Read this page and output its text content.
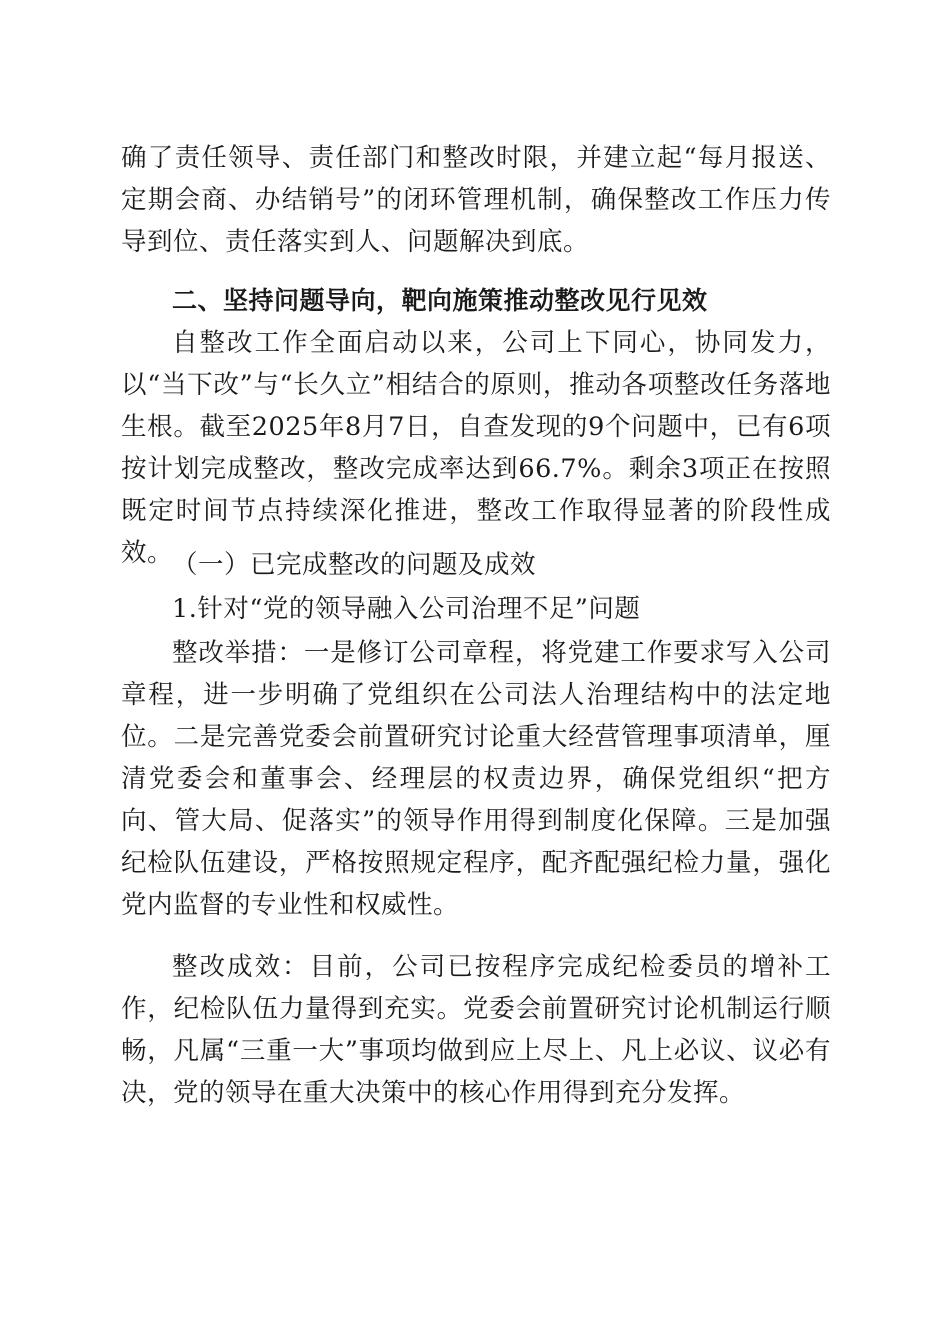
确了责任领导、责任部门和整改时限，并建立起“每月报送、定期会商、办结销号”的闭环管理机制，确保整改工作压力传导到位、责任落实到人、问题解决到底。

二、坚持问题导向，靶向施策推动整改见行见效

自整改工作全面启动以来，公司上下同心，协同发力，以“当下改”与“长久立”相结合的原则，推动各项整改任务落地生根。截至2025年8月7日，自查发现的9个问题中，已有6项按计划完成整改，整改完成率达到66.7%。剩余3项正在按照既定时间节点持续深化推进，整改工作取得显著的阶段性成效。

（一）已完成整改的问题及成效

1.针对“党的领导融入公司治理不足”问题

整改举措：一是修订公司章程，将党建工作要求写入公司章程，进一步明确了党组织在公司法人治理结构中的法定地位。二是完善党委会前置研究讨论重大经营管理事项清单，厘清党委会和董事会、经理层的权责边界，确保党组织“把方向、管大局、促落实”的领导作用得到制度化保障。三是加强纪检队伍建设，严格按照规定程序，配齐配强纪检力量，强化党内监督的专业性和权威性。

整改成效：目前，公司已按程序完成纪检委员的增补工作，纪检队伍力量得到充实。党委会前置研究讨论机制运行顺畅，凡属“三重一大”事项均做到应上尽上、凡上必议、议必有决，党的领导在重大决策中的核心作用得到充分发挥。
